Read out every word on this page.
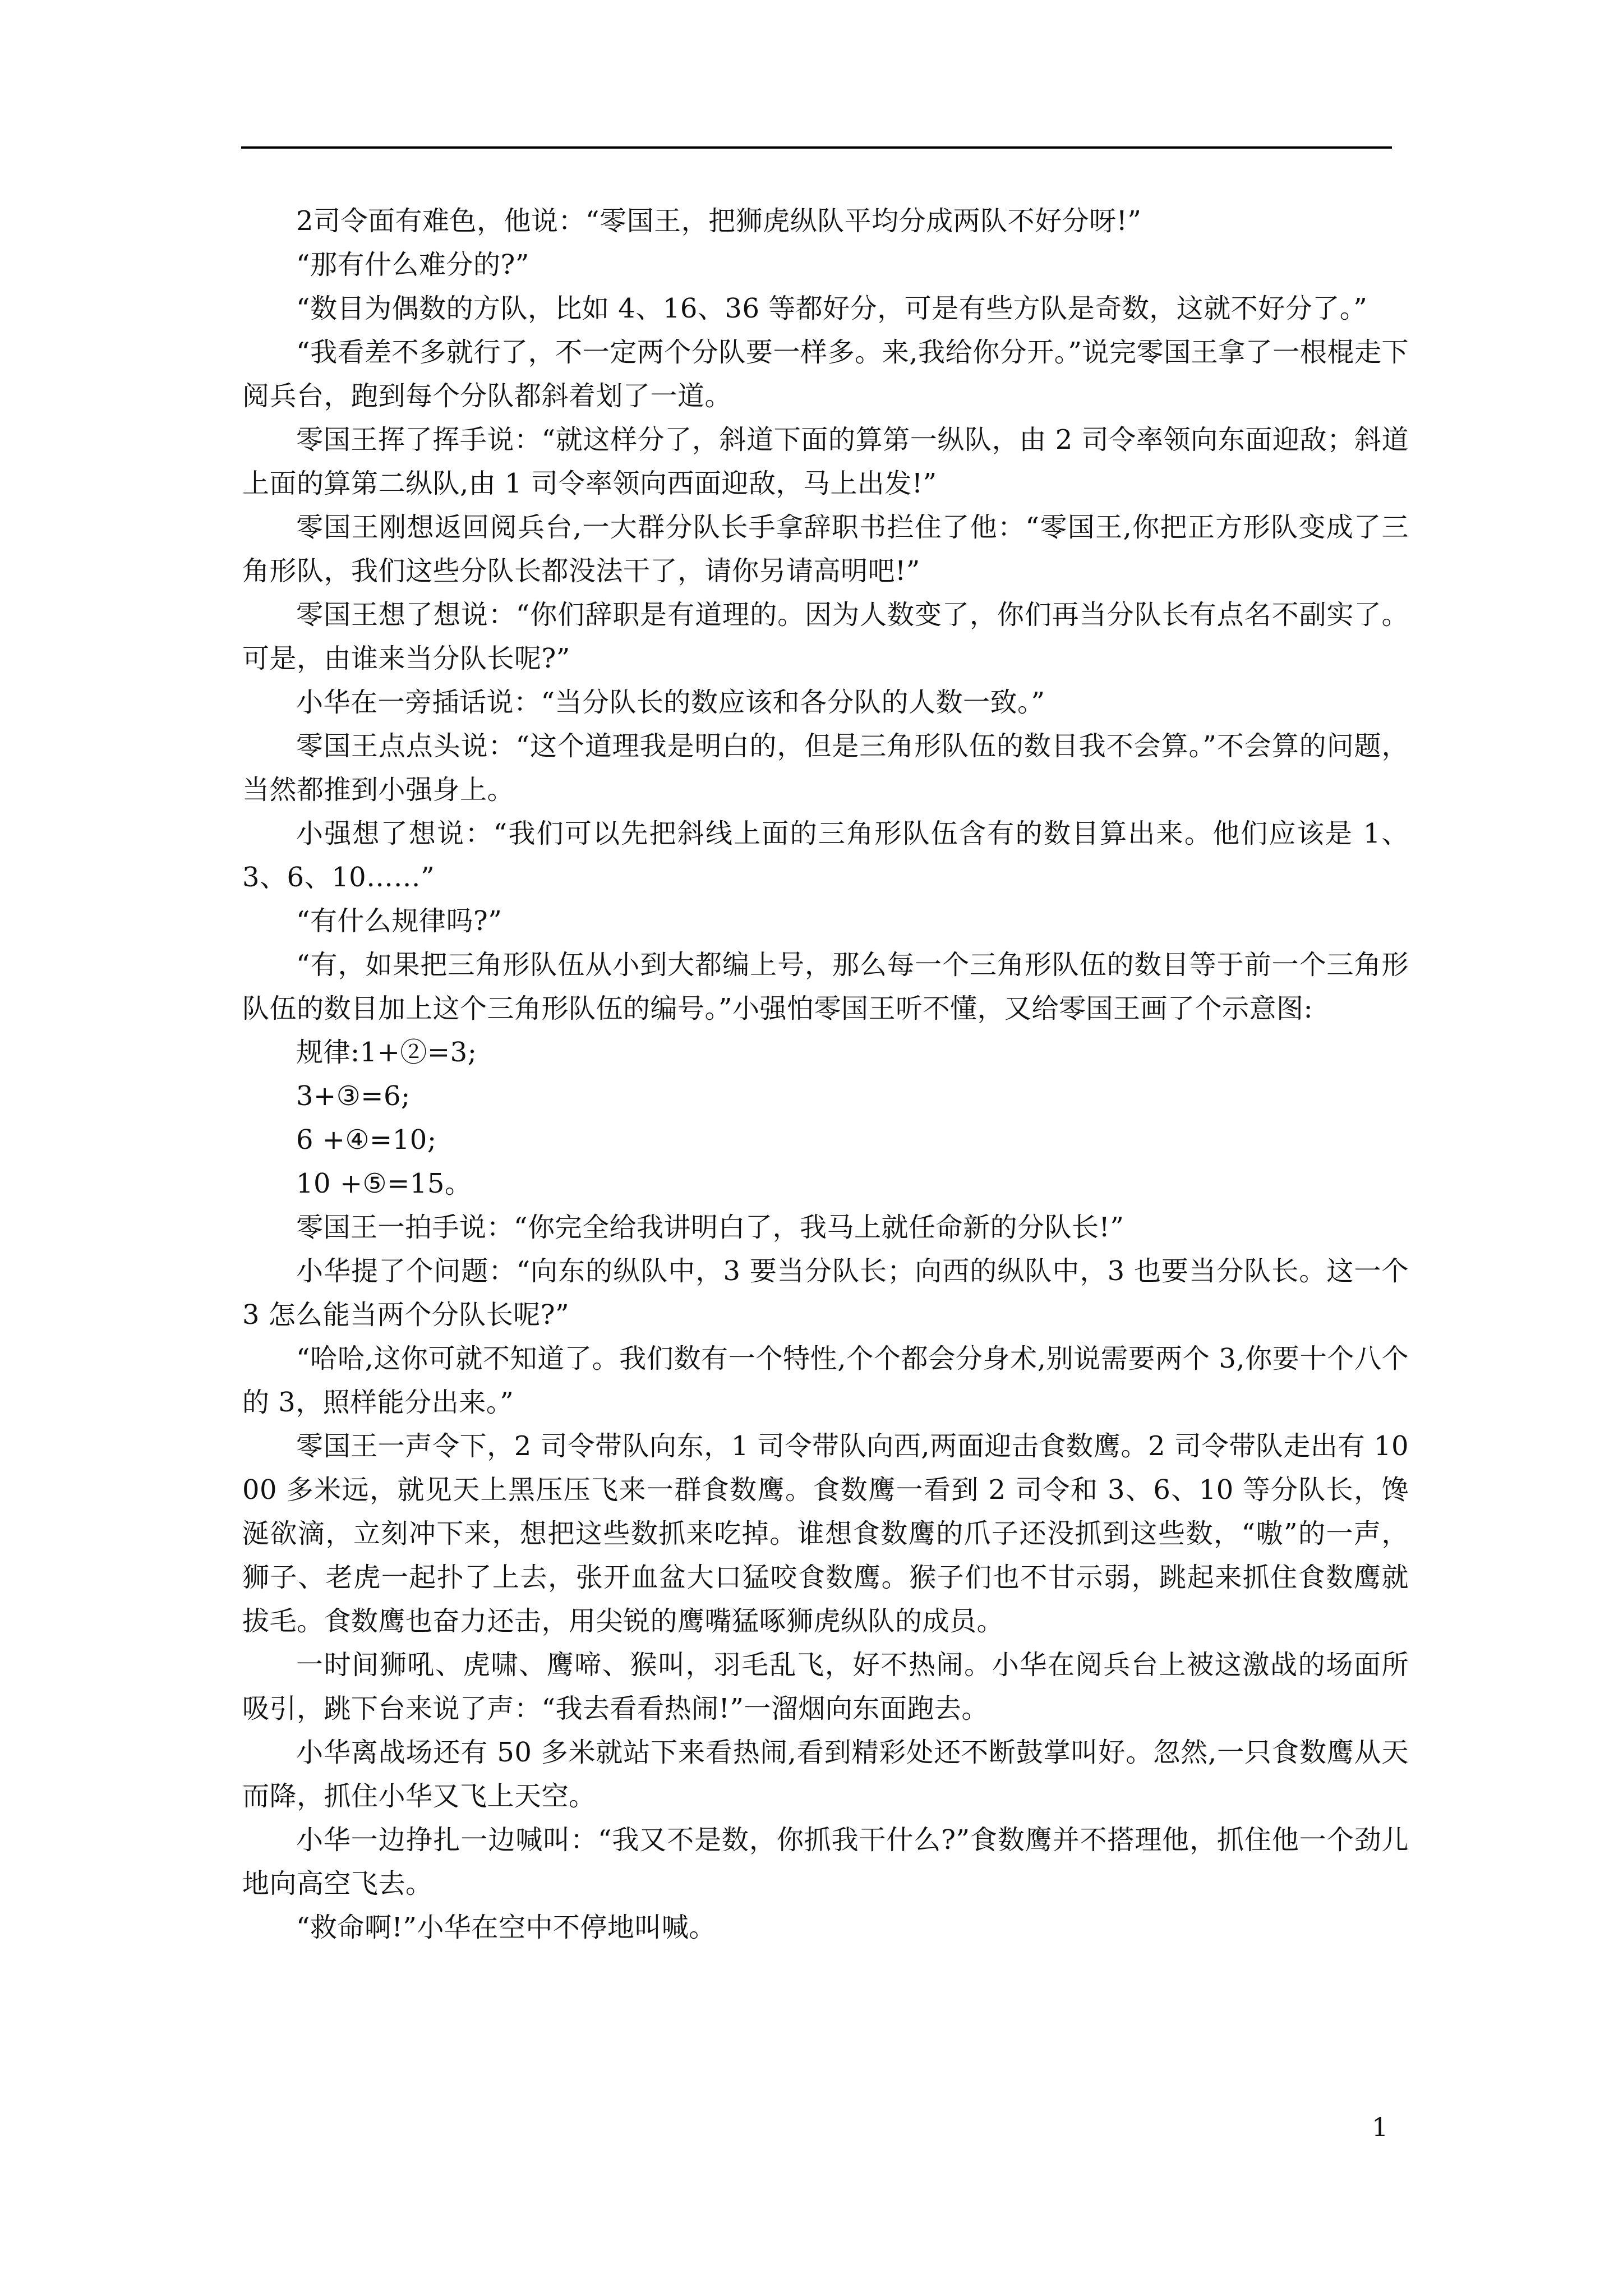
2司令面有难色，他说：“零国王，把狮虎纵队平均分成两队不好分呀!”

“那有什么难分的?”

“数目为偶数的方队，比如 4、16、36 等都好分，可是有些方队是奇数，这就不好分了。”

“我看差不多就行了，不一定两个分队要一样多。来,我给你分开。”说完零国王拿了一根棍走下阅兵台，跑到每个分队都斜着划了一道。

零国王挥了挥手说：“就这样分了，斜道下面的算第一纵队，由 2 司令率领向东面迎敌；斜道上面的算第二纵队,由 1 司令率领向西面迎敌，马上出发!”

零国王刚想返回阅兵台,一大群分队长手拿辞职书拦住了他：“零国王,你把正方形队变成了三角形队，我们这些分队长都没法干了，请你另请高明吧!”

零国王想了想说：“你们辞职是有道理的。因为人数变了，你们再当分队长有点名不副实了。可是，由谁来当分队长呢?”

小华在一旁插话说：“当分队长的数应该和各分队的人数一致。”

零国王点点头说：“这个道理我是明白的，但是三角形队伍的数目我不会算。”不会算的问题，当然都推到小强身上。

小强想了想说：“我们可以先把斜线上面的三角形队伍含有的数目算出来。他们应该是 1、3、6、10……”

“有什么规律吗?”

“有，如果把三角形队伍从小到大都编上号，那么每一个三角形队伍的数目等于前一个三角形队伍的数目加上这个三角形队伍的编号。”小强怕零国王听不懂，又给零国王画了个示意图:

规律:1+②=3;

3+③=6;

6 +④=10;

10 +⑤=15。

零国王一拍手说：“你完全给我讲明白了，我马上就任命新的分队长!”

小华提了个问题：“向东的纵队中，3 要当分队长；向西的纵队中，3 也要当分队长。这一个 3 怎么能当两个分队长呢?”

“哈哈,这你可就不知道了。我们数有一个特性,个个都会分身术,别说需要两个 3,你要十个八个的 3，照样能分出来。”

零国王一声令下，2 司令带队向东，1 司令带队向西,两面迎击食数鹰。2 司令带队走出有 1000 多米远，就见天上黑压压飞来一群食数鹰。食数鹰一看到 2 司令和 3、6、10 等分队长，馋涎欲滴，立刻冲下来，想把这些数抓来吃掉。谁想食数鹰的爪子还没抓到这些数，“嗷”的一声，狮子、老虎一起扑了上去，张开血盆大口猛咬食数鹰。猴子们也不甘示弱，跳起来抓住食数鹰就拔毛。食数鹰也奋力还击，用尖锐的鹰嘴猛啄狮虎纵队的成员。

一时间狮吼、虎啸、鹰啼、猴叫，羽毛乱飞，好不热闹。小华在阅兵台上被这激战的场面所吸引，跳下台来说了声：“我去看看热闹!”一溜烟向东面跑去。

小华离战场还有 50 多米就站下来看热闹,看到精彩处还不断鼓掌叫好。忽然,一只食数鹰从天而降，抓住小华又飞上天空。

小华一边挣扎一边喊叫：“我又不是数，你抓我干什么?”食数鹰并不搭理他，抓住他一个劲儿地向高空飞去。

“救命啊!”小华在空中不停地叫喊。

1
